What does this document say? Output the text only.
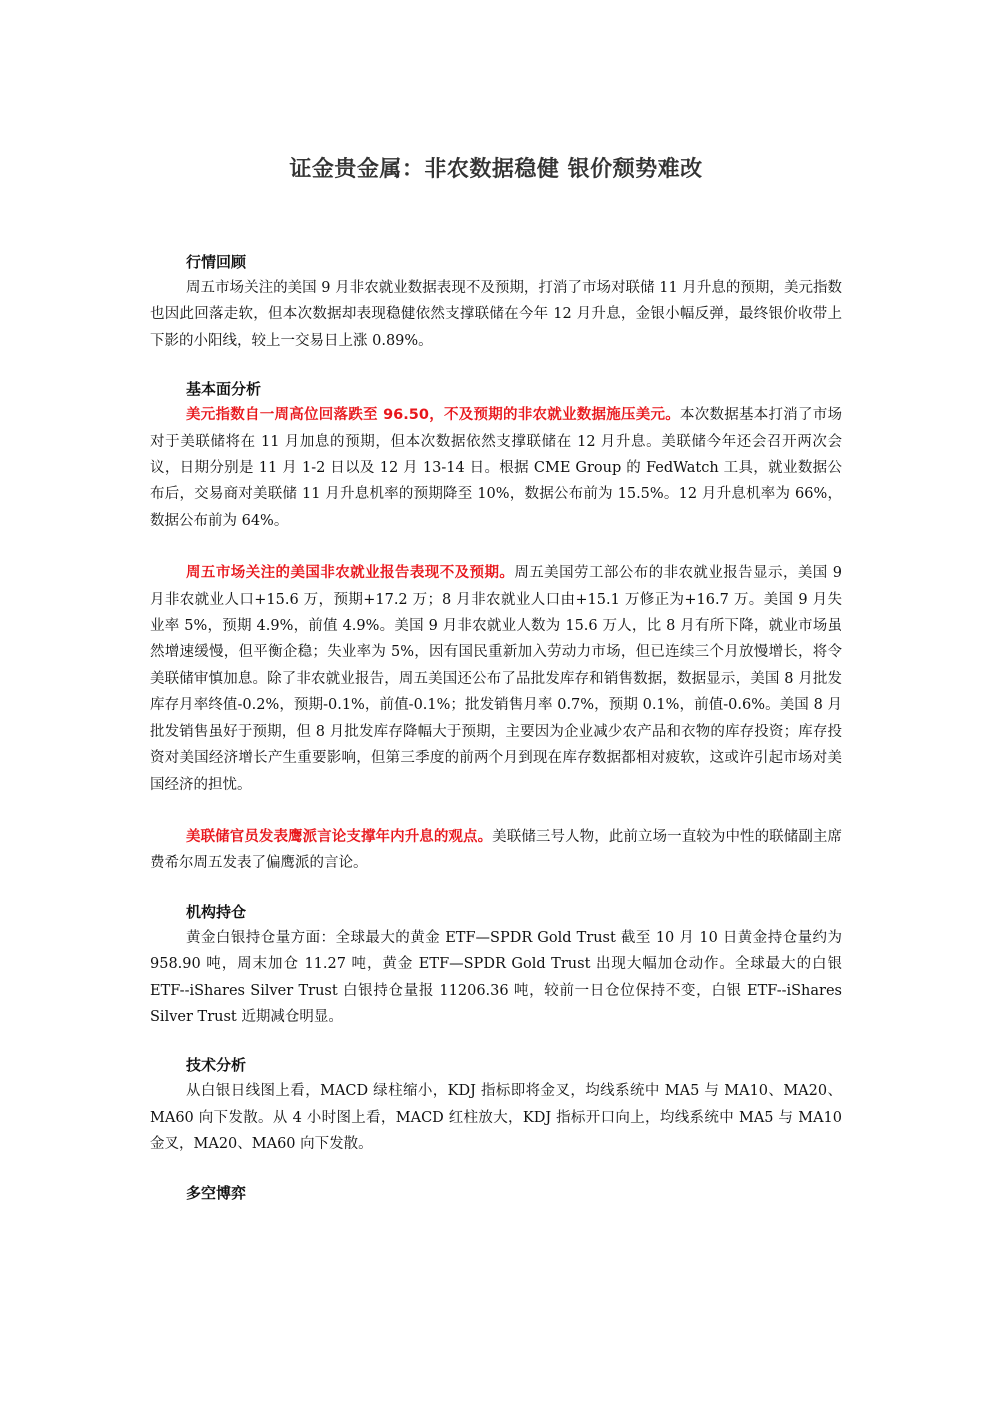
证金贵金属：非农数据稳健 银价颓势难改
行情回顾

周五市场关注的美国 9 月非农就业数据表现不及预期，打消了市场对联储 11 月升息的预期，美元指数也因此回落走软，但本次数据却表现稳健依然支撑联储在今年 12 月升息，金银小幅反弹，最终银价收带上下影的小阳线，较上一交易日上涨 0.89%。

基本面分析

美元指数自一周高位回落跌至 96.50，不及预期的非农就业数据施压美元。本次数据基本打消了市场对于美联储将在 11 月加息的预期，但本次数据依然支撑联储在 12 月升息。美联储今年还会召开两次会议，日期分别是 11 月 1-2 日以及 12 月 13-14 日。根据 CME Group 的 FedWatch 工具，就业数据公布后，交易商对美联储 11 月升息机率的预期降至 10%，数据公布前为 15.5%。12 月升息机率为 66%，数据公布前为 64%。

周五市场关注的美国非农就业报告表现不及预期。周五美国劳工部公布的非农就业报告显示，美国 9 月非农就业人口+15.6 万，预期+17.2 万；8 月非农就业人口由+15.1 万修正为+16.7 万。美国 9 月失业率 5%，预期 4.9%，前值 4.9%。美国 9 月非农就业人数为 15.6 万人，比 8 月有所下降，就业市场虽然增速缓慢，但平衡企稳；失业率为 5%，因有国民重新加入劳动力市场，但已连续三个月放慢增长，将令美联储审慎加息。除了非农就业报告，周五美国还公布了品批发库存和销售数据，数据显示，美国 8 月批发库存月率终值-0.2%，预期-0.1%，前值-0.1%；批发销售月率 0.7%，预期 0.1%，前值-0.6%。美国 8 月批发销售虽好于预期，但 8 月批发库存降幅大于预期，主要因为企业减少农产品和衣物的库存投资；库存投资对美国经济增长产生重要影响，但第三季度的前两个月到现在库存数据都相对疲软，这或许引起市场对美国经济的担忧。

美联储官员发表鹰派言论支撑年内升息的观点。美联储三号人物，此前立场一直较为中性的联储副主席费希尔周五发表了偏鹰派的言论。

机构持仓

黄金白银持仓量方面：全球最大的黄金 ETF—SPDR Gold Trust 截至 10 月 10 日黄金持仓量约为 958.90 吨，周末加仓 11.27 吨，黄金 ETF—SPDR Gold Trust 出现大幅加仓动作。全球最大的白银 ETF--iShares Silver Trust 白银持仓量报 11206.36 吨，较前一日仓位保持不变，白银 ETF--iShares Silver Trust 近期减仓明显。

技术分析

从白银日线图上看，MACD 绿柱缩小，KDJ 指标即将金叉，均线系统中 MA5 与 MA10、MA20、MA60 向下发散。从 4 小时图上看，MACD 红柱放大，KDJ 指标开口向上，均线系统中 MA5 与 MA10 金叉，MA20、MA60 向下发散。

多空博弈
